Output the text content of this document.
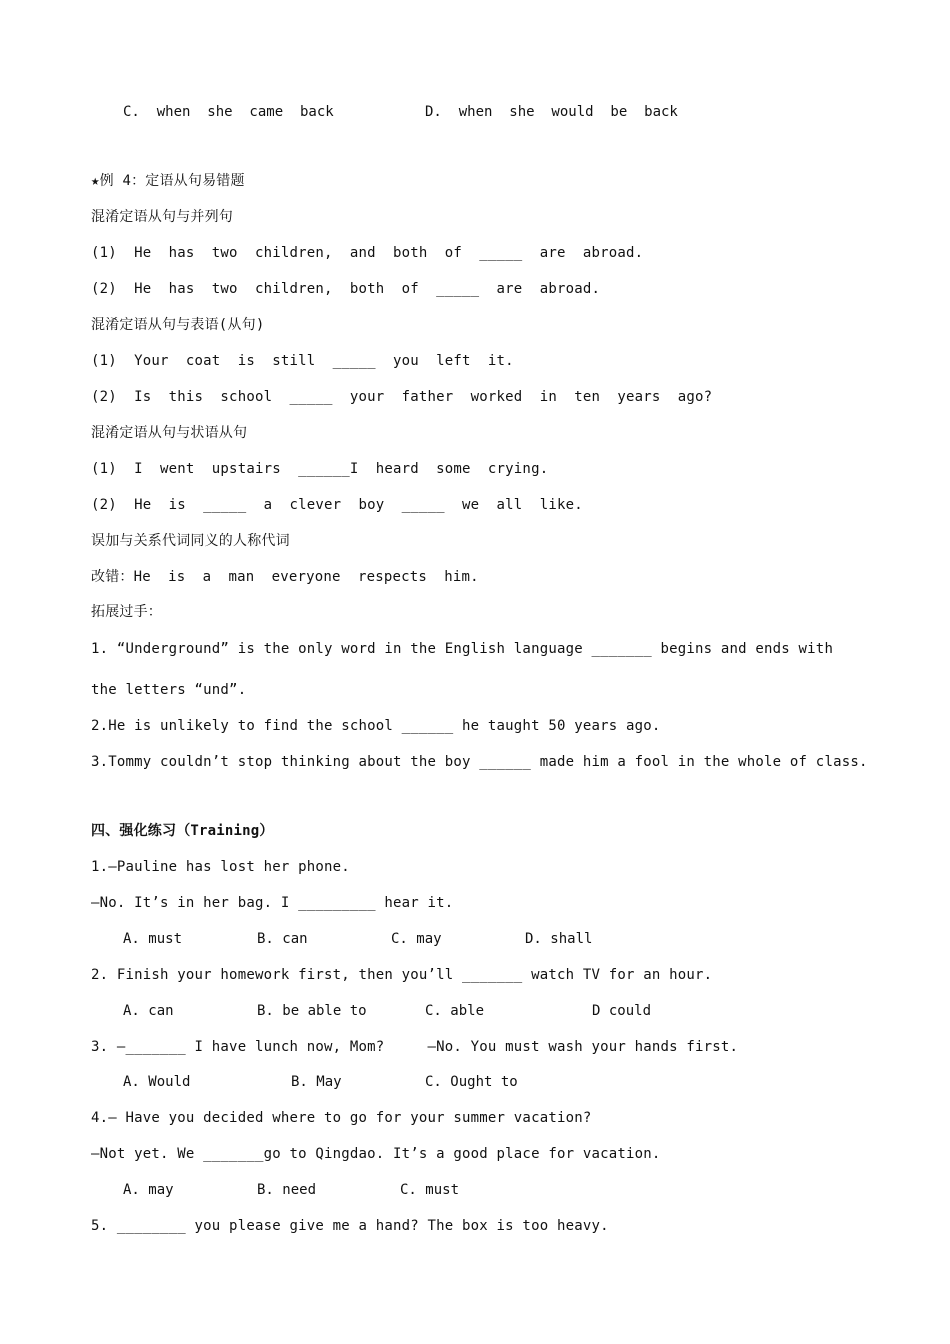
C.  when  she  came  back	D.  when  she  would  be  back
★例 4：定语从句易错题
混淆定语从句与并列句
(1)  He  has  two  children,  and  both  of  _____  are  abroad.
(2)  He  has  two  children,  both  of  _____  are  abroad.
混淆定语从句与表语(从句)
(1)  Your  coat  is  still  _____  you  left  it.
(2)  Is  this  school  _____  your  father  worked  in  ten  years  ago?
混淆定语从句与状语从句
(1)  I  went  upstairs  ______I  heard  some  crying.
(2)  He  is  _____  a  clever  boy  _____  we  all  like.
误加与关系代词同义的人称代词
改错：He  is  a  man  everyone  respects  him.
拓展过手：
1. “Underground” is the only word in the English language _______ begins and ends with
the letters “und”.
2.He is unlikely to find the school ______ he taught 50 years ago.
3.Tommy couldn’t stop thinking about the boy ______ made him a fool in the whole of class.
四、强化练习（Training）
1.—Pauline has lost her phone.
—No. It’s in her bag. I _________ hear it.
A. must	B. can	C. may	D. shall
2. Finish your homework first, then you’ll _______ watch TV for an hour.
A. can	B. be able to	C. able	D could
3. —_______ I have lunch now, Mom?     —No. You must wash your hands first.
A. Would	B. May	C. Ought to
4.— Have you decided where to go for your summer vacation?
—Not yet. We _______go to Qingdao. It’s a good place for vacation.
A. may	B. need	C. must
5. ________ you please give me a hand? The box is too heavy.
